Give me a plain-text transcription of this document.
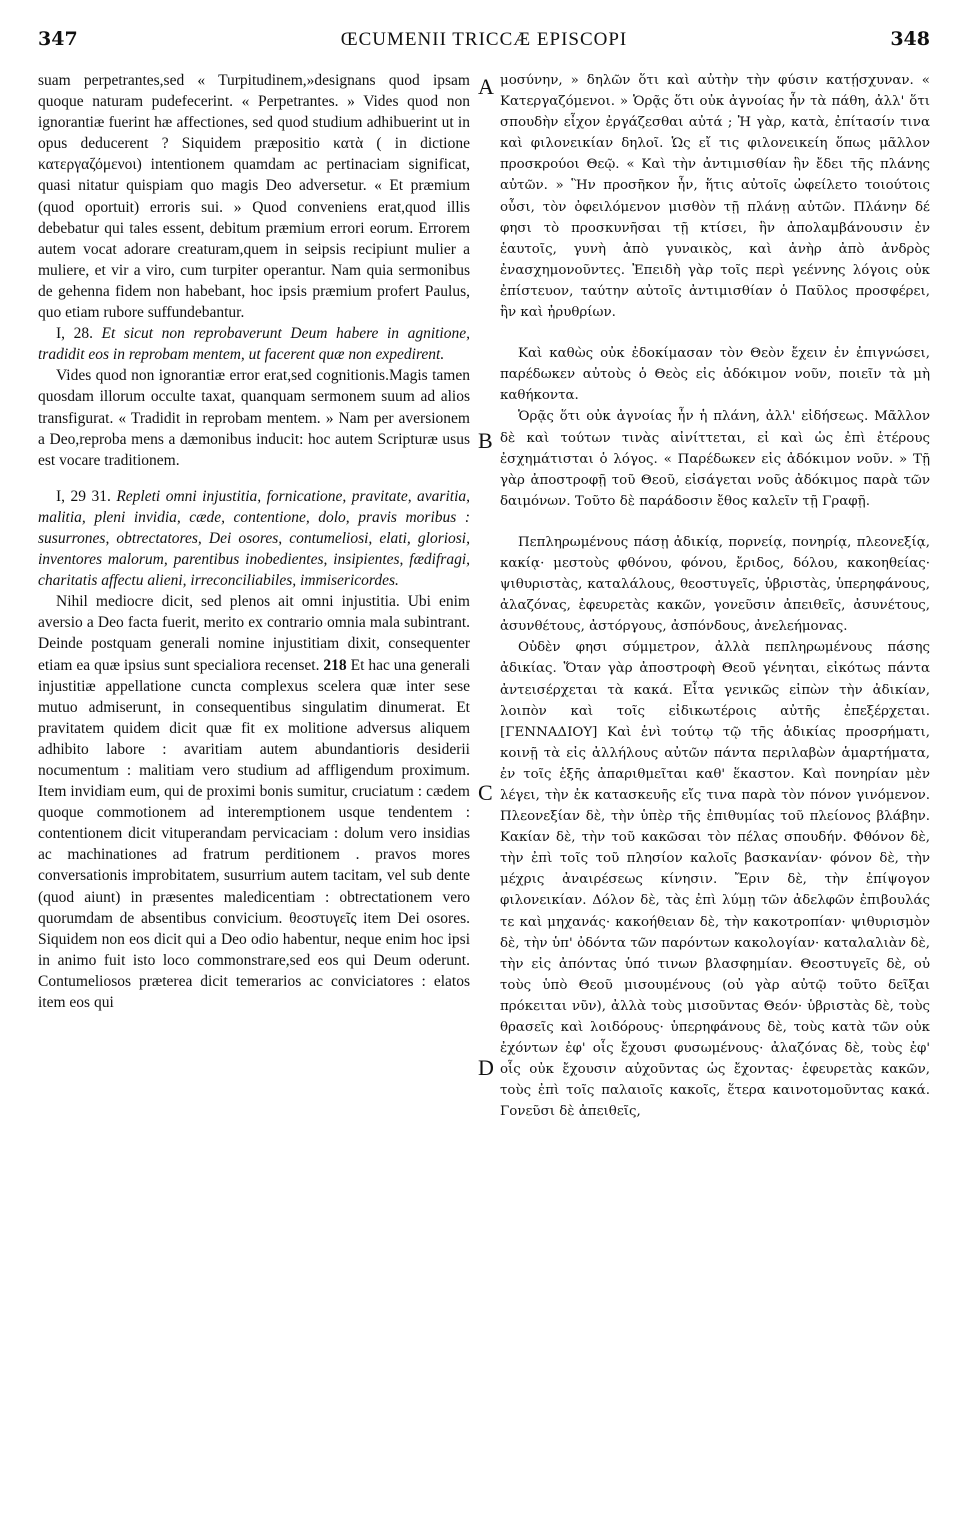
347	ŒCUMENII TRICCÆ EPISCOPI	348
A
B
C
D

suam perpetrantes,sed « Turpitudinem,»designans quod ipsam quoque naturam pudefecerint. « Perpetrantes. » Vides quod non ignorantiæ fuerint hæ affectiones, sed quod studium adhibuerint ut in opus deducerent ? Siquidem præpositio κατὰ ( in dictione κατεργαζόμενοι) intentionem quamdam ac pertinaciam significat, quasi nitatur quispiam quo magis Deo adversetur. « Et præmium (quod oportuit) erroris sui. » Quod conveniens erat,quod illis debebatur qui tales essent, debitum præmium errori eorum. Errorem autem vocat adorare creaturam,quem in seipsis recipiunt mulier a muliere, et vir a viro, cum turpiter operantur. Nam quia sermonibus de gehenna fidem non habebant, hoc ipsis præmium profert Paulus, quo etiam rubore suffundebantur.

I, 28. Et sicut non reprobaverunt Deum habere in agnitione, tradidit eos in reprobam mentem, ut facerent quæ non expedirent.

Vides quod non ignorantiæ error erat,sed cognitionis.Magis tamen quosdam illorum occulte taxat, quanquam sermonem suum ad alios transfigurat. « Tradidit in reprobam mentem. » Nam per aversionem a Deo,reproba mens a dæmonibus inducit: hoc autem Scripturæ usus est vocare traditionem.

I, 29 31. Repleti omni injustitia, fornicatione, pravitate, avaritia, malitia, pleni invidia, cæde, contentione, dolo, pravis moribus : susurrones, obtrectatores, Dei osores, contumeliosi, elati, gloriosi, inventores malorum, parentibus inobedientes, insipientes, fædifragi, charitatis affectu alieni, irreconciliabiles, immisericordes.

Nihil mediocre dicit, sed plenos ait omni injustitia. Ubi enim aversio a Deo facta fuerit, merito ex contrario omnia mala subintrant. Deinde postquam generali nomine injustitiam dixit, consequenter etiam ea quæ ipsius sunt specialiora recenset. 218 Et hac una generali injustitiæ appellatione cuncta complexus scelera quæ inter sese mutuo admiserunt, in consequentibus singulatim dinumerat. Et pravitatem quidem dicit quæ fit ex molitione adversus aliquem adhibito labore : avaritiam autem abundantioris desiderii nocumentum : malitiam vero studium ad affligendum proximum. Item invidiam eum, qui de proximi bonis sumitur, cruciatum : cædem quoque commotionem ad interemptionem usque tendentem : contentionem dicit vituperandam pervicaciam : dolum vero insidias ac machinationes ad fratrum perditionem . pravos mores conversationis improbitatem, susurrium autem tacitam, vel sub dente (quod aiunt) in præsentes maledicentiam : obtrectationem vero quorumdam de absentibus convicium. θεοστυγεῖς item Dei osores. Siquidem non eos dicit qui a Deo odio habentur, neque enim hoc ipsi in animo fuit isto loco commonstrare,sed eos qui Deum oderunt. Contumeliosos præterea dicit temerarios ac conviciatores : elatos item eos qui

μοσύνην, » δηλῶν ὅτι καὶ αὐτὴν τὴν φύσιν κατῄσχυναν. « Κατεργαζόμενοι. » Ὁρᾷς ὅτι οὐκ ἀγνοίας ἦν τὰ πάθη, ἀλλ' ὅτι σπουδὴν εἶχον ἐργάζεσθαι αὐτά ; Ἡ γὰρ, κατὰ, ἐπίτασίν τινα καὶ φιλονεικίαν δηλοῖ. Ὡς εἴ τις φιλονεικείη ὅπως μᾶλλον προσκρούοι Θεῷ. « Καὶ τὴν ἀντιμισθίαν ἣν ἔδει τῆς πλάνης αὐτῶν. » Ἣν προσῆκον ἦν, ἥτις αὐτοῖς ὠφείλετο τοιούτοις οὖσι, τὸν ὀφειλόμενον μισθὸν τῇ πλάνῃ αὐτῶν. Πλάνην δέ φησι τὸ προσκυνῆσαι τῇ κτίσει, ἣν ἀπολαμβάνουσιν ἐν ἑαυτοῖς, γυνὴ ἀπὸ γυναικὸς, καὶ ἀνὴρ ἀπὸ ἀνδρὸς ἐνασχημονοῦντες. Ἐπειδὴ γὰρ τοῖς περὶ γεέννης λόγοις οὐκ ἐπίστευον, ταύτην αὐτοῖς ἀντιμισθίαν ὁ Παῦλος προσφέρει, ἣν καὶ ἠρυθρίων.

Καὶ καθὼς οὐκ ἐδοκίμασαν τὸν Θεὸν ἔχειν ἐν ἐπιγνώσει, παρέδωκεν αὐτοὺς ὁ Θεὸς εἰς ἀδόκιμον νοῦν, ποιεῖν τὰ μὴ καθήκοντα.

Ὁρᾷς ὅτι οὐκ ἀγνοίας ἦν ἡ πλάνη, ἀλλ' εἰδήσεως. Μᾶλλον δὲ καὶ τούτων τινὰς αἰνίττεται, εἰ καὶ ὡς ἐπὶ ἑτέρους ἐσχημάτισται ὁ λόγος. « Παρέδωκεν εἰς ἀδόκιμον νοῦν. » Τῇ γὰρ ἀποστροφῇ τοῦ Θεοῦ, εἰσάγεται νοῦς ἀδόκιμος παρὰ τῶν δαιμόνων. Τοῦτο δὲ παράδοσιν ἔθος καλεῖν τῇ Γραφῇ.

Πεπληρωμένους πάσῃ ἀδικίᾳ, πορνείᾳ, πονηρίᾳ, πλεονεξίᾳ, κακίᾳ· μεστοὺς φθόνου, φόνου, ἔριδος, δόλου, κακοηθείας· ψιθυριστὰς, καταλάλους, θεοστυγεῖς, ὑβριστὰς, ὑπερηφάνους, ἀλαζόνας, ἐφευρετὰς κακῶν, γονεῦσιν ἀπειθεῖς, ἀσυνέτους, ἀσυνθέτους, ἀστόργους, ἀσπόνδους, ἀνελεήμονας.

Οὐδὲν φησι σύμμετρον, ἀλλὰ πεπληρωμένους πάσης ἀδικίας. Ὅταν γὰρ ἀποστροφὴ Θεοῦ γένηται, εἰκότως πάντα ἀντεισέρχεται τὰ κακά. Εἶτα γενικῶς εἰπὼν τὴν ἀδικίαν, λοιπὸν καὶ τοῖς εἰδικωτέροις αὐτῆς ἐπεξέρχεται. [ΓΕΝΝΑΔΙΟΥ] Καὶ ἑνὶ τούτῳ τῷ τῆς ἀδικίας προσρήματι, κοινῇ τὰ εἰς ἀλλήλους αὐτῶν πάντα περιλαβὼν ἁμαρτήματα, ἐν τοῖς ἑξῆς ἀπαριθμεῖται καθ' ἕκαστον. Καὶ πονηρίαν μὲν λέγει, τὴν ἐκ κατασκευῆς εἴς τινα παρὰ τὸν πόνον γινόμενον. Πλεονεξίαν δὲ, τὴν ὑπὲρ τῆς ἐπιθυμίας τοῦ πλείονος βλάβην. Κακίαν δὲ, τὴν τοῦ κακῶσαι τὸν πέλας σπουδήν. Φθόνον δὲ, τὴν ἐπὶ τοῖς τοῦ πλησίον καλοῖς βασκανίαν· φόνον δὲ, τὴν μέχρις ἀναιρέσεως κίνησιν. Ἔριν δὲ, τὴν ἐπίψογον φιλονεικίαν. Δόλον δὲ, τὰς ἐπὶ λύμῃ τῶν ἀδελφῶν ἐπιβουλάς τε καὶ μηχανάς· κακοήθειαν δὲ, τὴν κακοτροπίαν· ψιθυρισμὸν δὲ, τὴν ὑπ' ὀδόντα τῶν παρόντων κακολογίαν· καταλαλιὰν δὲ, τὴν εἰς ἀπόντας ὑπό τινων βλασφημίαν. Θεοστυγεῖς δὲ, οὐ τοὺς ὑπὸ Θεοῦ μισουμένους (οὐ γὰρ αὐτῷ τοῦτο δεῖξαι πρόκειται νῦν), ἀλλὰ τοὺς μισοῦντας Θεόν· ὑβριστὰς δὲ, τοὺς θρασεῖς καὶ λοιδόρους· ὑπερηφάνους δὲ, τοὺς κατὰ τῶν οὐκ ἐχόντων ἐφ' οἷς ἔχουσι φυσωμένους· ἀλαζόνας δὲ, τοὺς ἐφ' οἷς οὐκ ἔχουσιν αὐχοῦντας ὡς ἔχοντας· ἐφευρετὰς κακῶν, τοὺς ἐπὶ τοῖς παλαιοῖς κακοῖς, ἕτερα καινοτομοῦντας κακά. Γονεῦσι δὲ ἀπειθεῖς,
